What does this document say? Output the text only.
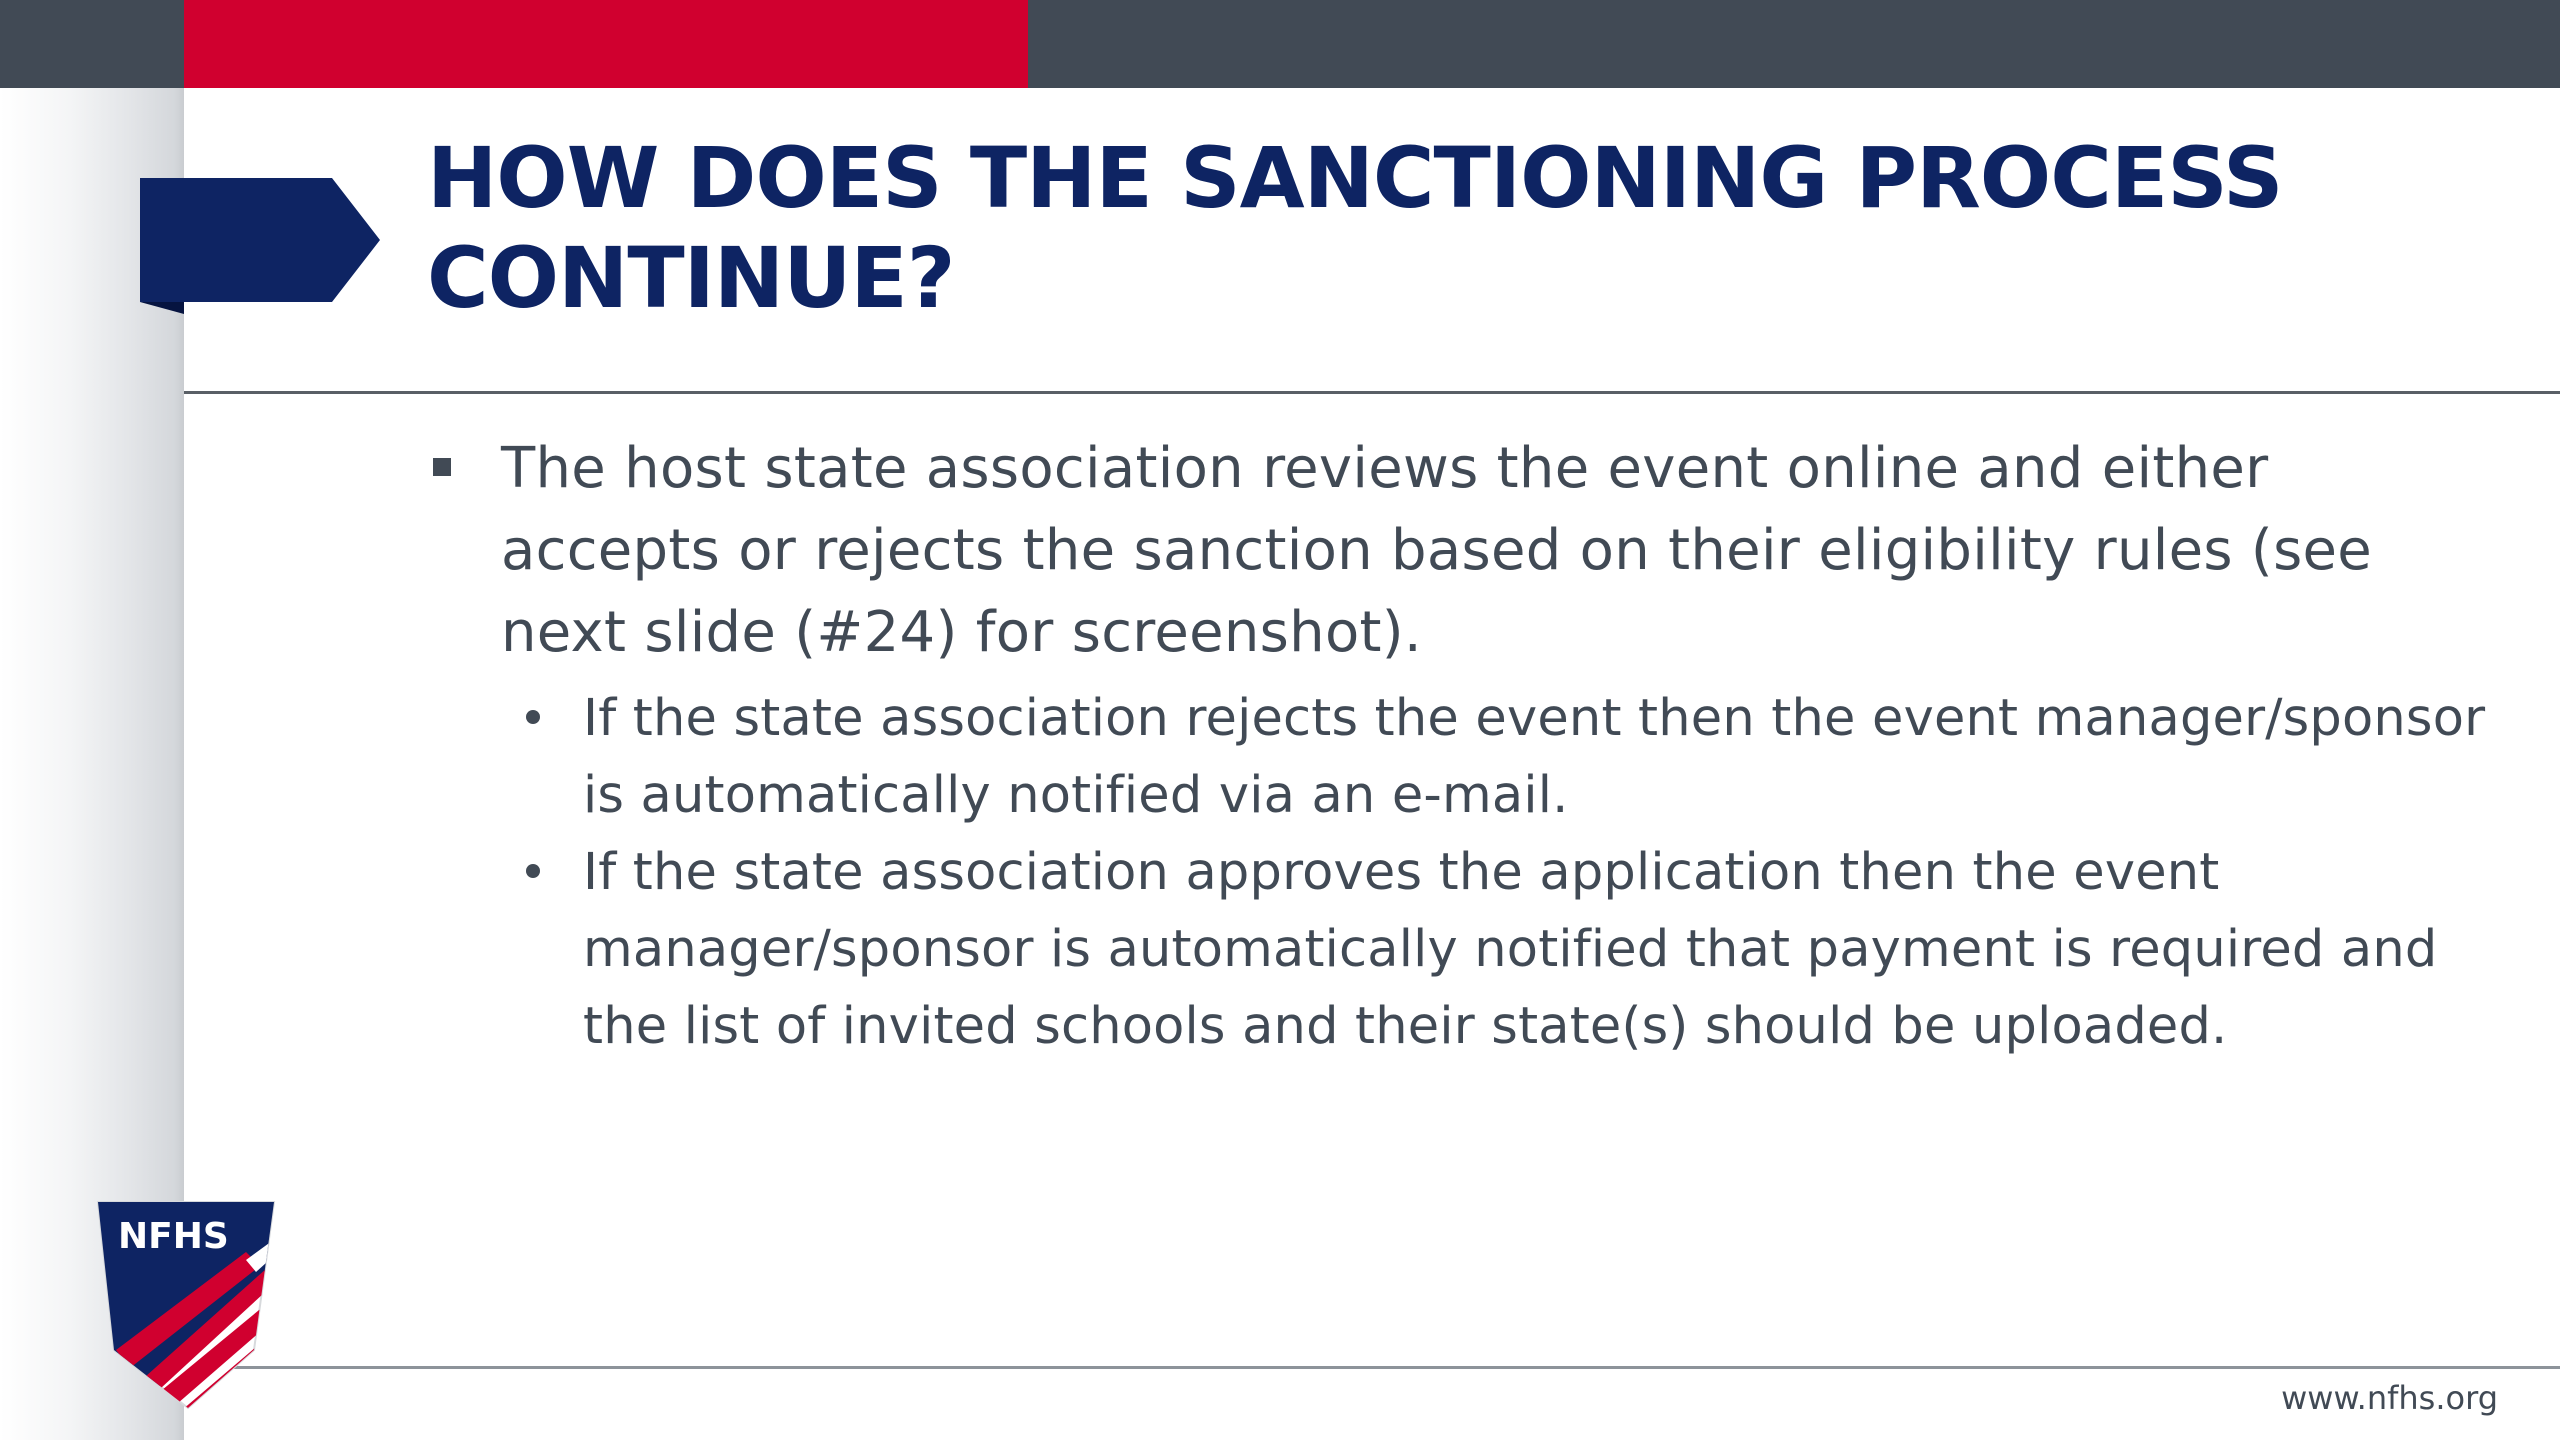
HOW DOES THE SANCTIONING PROCESS
CONTINUE?
The host state association reviews the event online and either accepts or rejects the sanction based on their eligibility rules (see next slide (#24) for screenshot).
If the state association rejects the event then the event manager/sponsor is automatically notified via an e-mail.
If the state association approves the application then the event manager/sponsor is automatically notified that payment is required and the list of invited schools and their state(s) should be uploaded.
www.nfhs.org
NFHS
